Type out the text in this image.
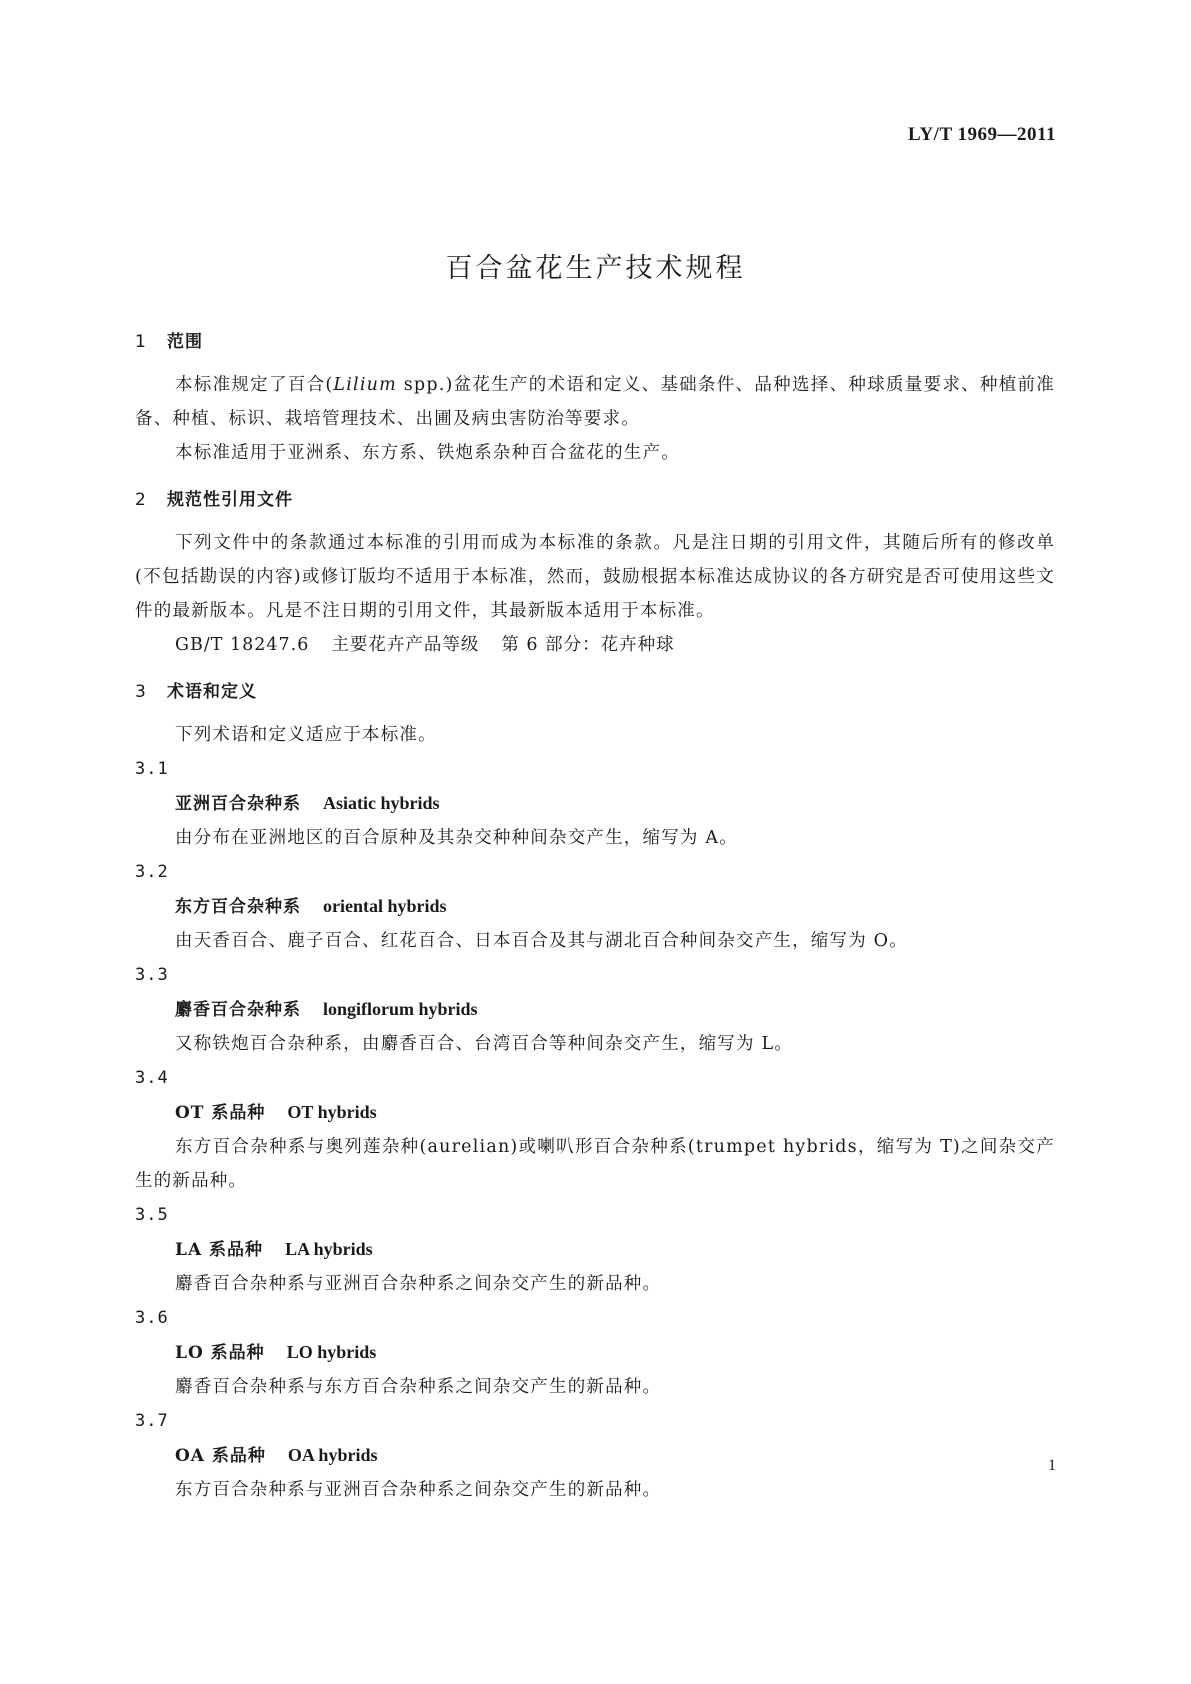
LY/T 1969—2011
百合盆花生产技术规程
1 范围

本标准规定了百合(Lilium spp.)盆花生产的术语和定义、基础条件、品种选择、种球质量要求、种植前准备、种植、标识、栽培管理技术、出圃及病虫害防治等要求。

本标准适用于亚洲系、东方系、铁炮系杂种百合盆花的生产。

2 规范性引用文件

下列文件中的条款通过本标准的引用而成为本标准的条款。凡是注日期的引用文件，其随后所有的修改单(不包括勘误的内容)或修订版均不适用于本标准，然而，鼓励根据本标准达成协议的各方研究是否可使用这些文件的最新版本。凡是不注日期的引用文件，其最新版本适用于本标准。

GB/T 18247.6 主要花卉产品等级 第 6 部分：花卉种球

3 术语和定义

下列术语和定义适应于本标准。

3.1

亚洲百合杂种系 Asiatic hybrids

由分布在亚洲地区的百合原种及其杂交种种间杂交产生，缩写为 A。

3.2

东方百合杂种系 oriental hybrids

由天香百合、鹿子百合、红花百合、日本百合及其与湖北百合种间杂交产生，缩写为 O。

3.3

麝香百合杂种系 longiflorum hybrids

又称铁炮百合杂种系，由麝香百合、台湾百合等种间杂交产生，缩写为 L。

3.4

OT 系品种 OT hybrids

东方百合杂种系与奥列莲杂种(aurelian)或喇叭形百合杂种系(trumpet hybrids，缩写为 T)之间杂交产生的新品种。

3.5

LA 系品种 LA hybrids

麝香百合杂种系与亚洲百合杂种系之间杂交产生的新品种。

3.6

LO 系品种 LO hybrids

麝香百合杂种系与东方百合杂种系之间杂交产生的新品种。

3.7

OA 系品种 OA hybrids

东方百合杂种系与亚洲百合杂种系之间杂交产生的新品种。

1
